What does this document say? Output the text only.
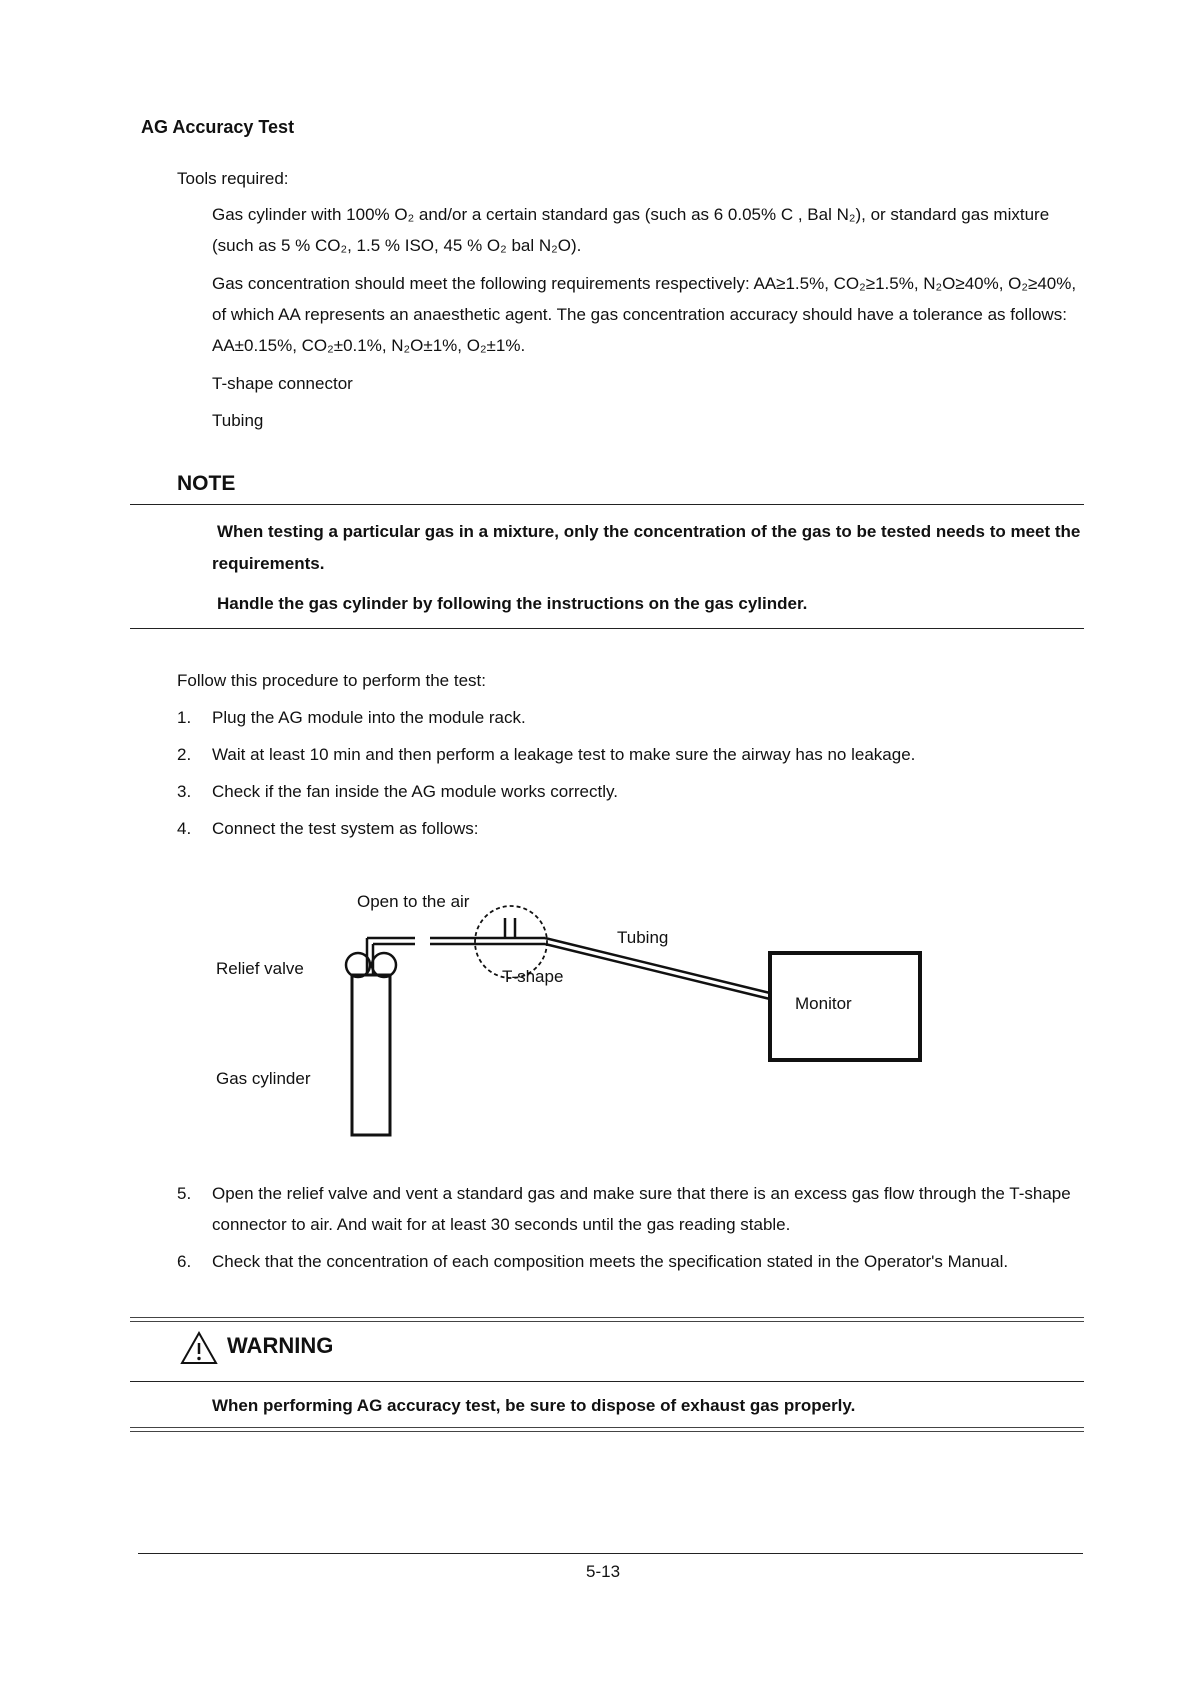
AG Accuracy Test
Tools required:
Gas cylinder with 100% O₂ and/or a certain standard gas (such as 6 0.05% C , Bal N₂), or standard gas mixture
(such as 5 % CO₂, 1.5 % ISO, 45 % O₂ bal N₂O).
Gas concentration should meet the following requirements respectively: AA≥1.5%, CO₂≥1.5%, N₂O≥40%, O₂≥40%,
of which AA represents an anaesthetic agent. The gas concentration accuracy should have a tolerance as follows:
AA±0.15%, CO₂±0.1%, N₂O±1%, O₂±1%.
T-shape connector
Tubing
NOTE
When testing a particular gas in a mixture, only the concentration of the gas to be tested needs to meet the
requirements.
Handle the gas cylinder by following the instructions on the gas cylinder.
Follow this procedure to perform the test:
1. Plug the AG module into the module rack.
2. Wait at least 10 min and then perform a leakage test to make sure the airway has no leakage.
3. Check if the fan inside the AG module works correctly.
4. Connect the test system as follows:
Open to the air
Tubing
Relief valve	T-shape
Monitor
Gas cylinder
5. Open the relief valve and vent a standard gas and make sure that there is an excess gas flow through the T-shape
connector to air. And wait for at least 30 seconds until the gas reading stable.
6. Check that the concentration of each composition meets the specification stated in the Operator's Manual.
WARNING
When performing AG accuracy test, be sure to dispose of exhaust gas properly.
5-13
